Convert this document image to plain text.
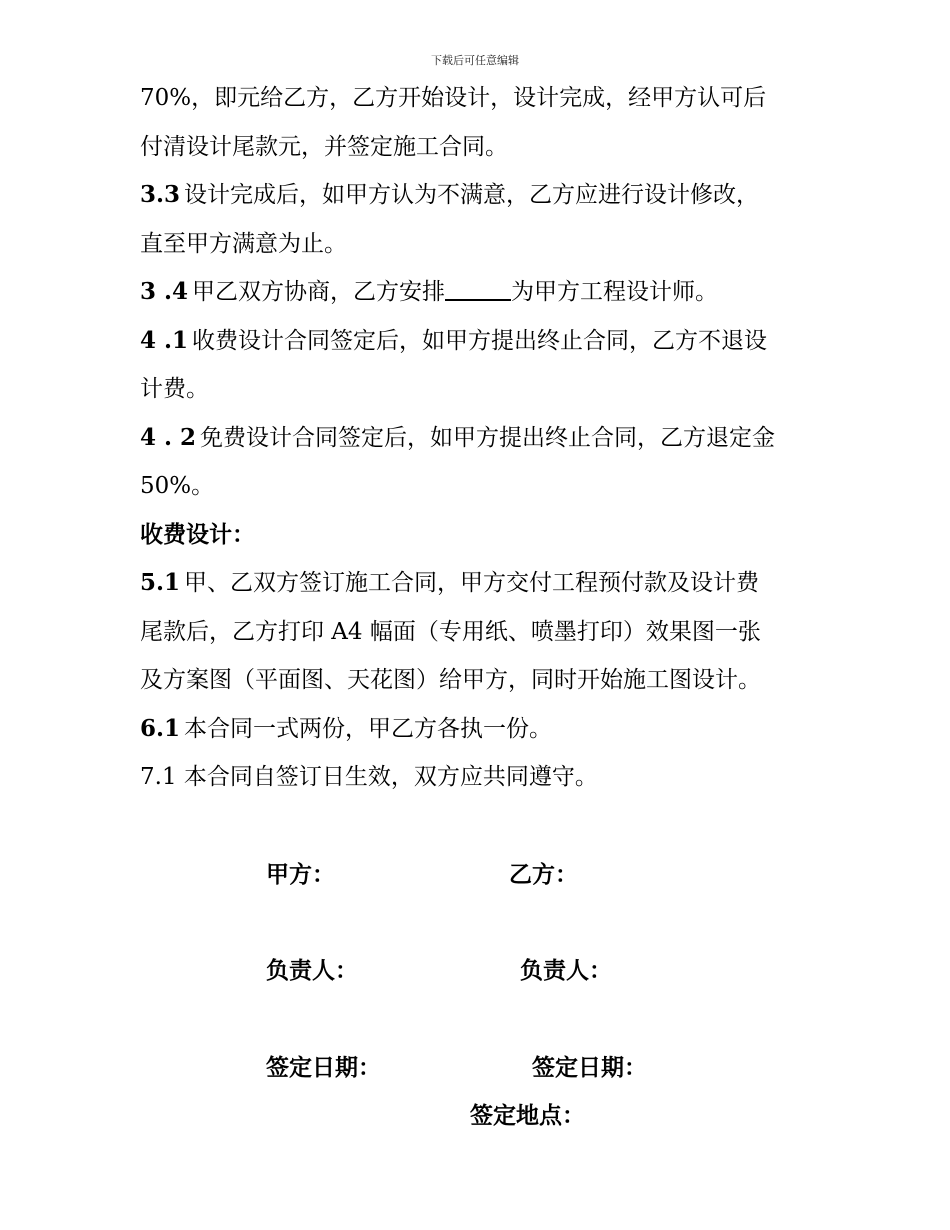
下载后可任意编辑
70%，即元给乙方，乙方开始设计，设计完成，经甲方认可后
付清设计尾款元，并签定施工合同。
3.3 设计完成后，如甲方认为不满意，乙方应进行设计修改，
直至甲方满意为止。
3 .4 甲乙双方协商，乙方安排	为甲方工程设计师。
4 .1 收费设计合同签定后，如甲方提出终止合同，乙方不退设
计费。
4 . 2 免费设计合同签定后，如甲方提出终止合同，乙方退定金
50%。
收费设计：
5.1 甲、乙双方签订施工合同，甲方交付工程预付款及设计费
尾款后，乙方打印 A4 幅面（专用纸、喷墨打印）效果图一张
及方案图（平面图、天花图）给甲方，同时开始施工图设计。
6.1 本合同一式两份，甲乙方各执一份。
7.1 本合同自签订日生效，双方应共同遵守。
甲方：	乙方：
负责人：	负责人：
签定日期：	签定日期：
签定地点：
